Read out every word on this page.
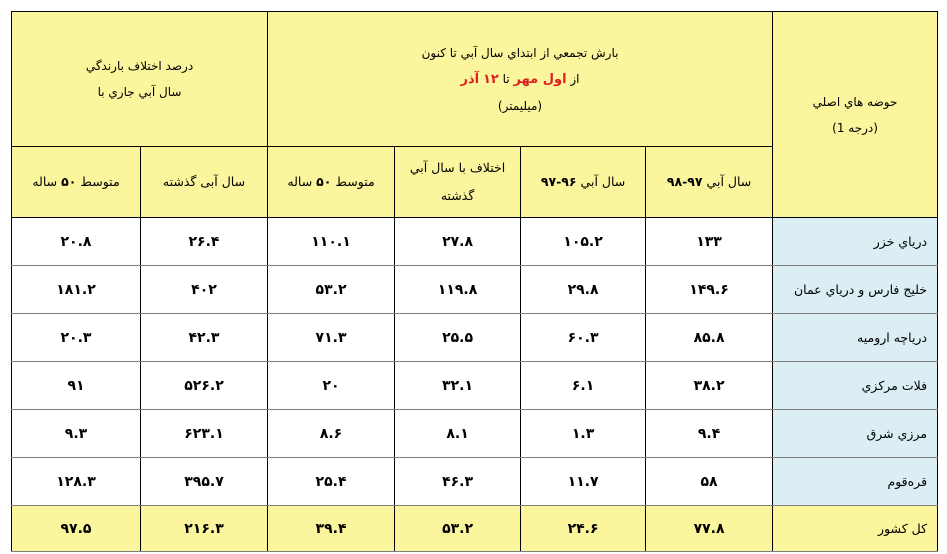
حوضه هاي اصلي
(درجه 1)	بارش تجمعي از ابتداي سال آبي تا كنون
از اول مهر تا ۱۲ آذر
(ميليمتر)				درصد اختلاف بارندگي
سال آبي جاري با	

	سال آبي ۹۷-۹۸	سال آبي ۹۶-۹۷	اختلاف با سال آبي گذشته	متوسط ۵۰ ساله	سال آبی گذشته	متوسط ۵۰ ساله
درياي خزر	۱۳۳	۱۰۵.۲	۲۷.۸	۱۱۰.۱	۲۶.۴	۲۰.۸
خليج فارس و درياي عمان	۱۴۹.۶	۲۹.۸	۱۱۹.۸	۵۳.۲	۴۰۲	۱۸۱.۲
درياچه اروميه	۸۵.۸	۶۰.۳	۲۵.۵	۷۱.۳	۴۲.۳	۲۰.۳
فلات مركزي	۳۸.۲	۶.۱	۳۲.۱	۲۰	۵۲۶.۲	۹۱
مرزي شرق	۹.۴	۱.۳	۸.۱	۸.۶	۶۲۳.۱	۹.۳
قره‌قوم	۵۸	۱۱.۷	۴۶.۳	۲۵.۴	۳۹۵.۷	۱۲۸.۳
كل كشور	۷۷.۸	۲۴.۶	۵۳.۲	۳۹.۴	۲۱۶.۳	۹۷.۵
